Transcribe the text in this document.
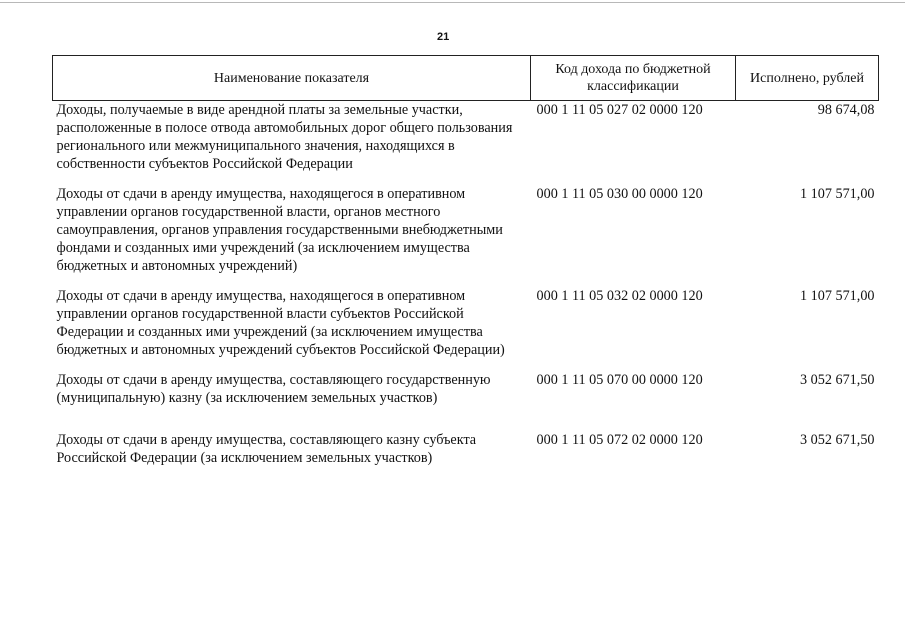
21
Наименование показателя	Код дохода по бюджетной классификации	Исполнено, рублей
Доходы, получаемые в виде арендной платы за земельные участки, расположенные в полосе отвода автомобильных дорог общего пользования регионального или межмуниципального значения, находящихся в собственности субъектов Российской Федерации	000 1 11 05 027 02 0000 120	98 674,08
Доходы от сдачи в аренду имущества, находящегося в оперативном управлении органов государственной власти, органов местного самоуправления, органов управления государственными внебюджетными фондами и созданных ими учреждений (за исключением имущества бюджетных и автономных учреждений)	000 1 11 05 030 00 0000 120	1 107 571,00
Доходы от сдачи в аренду имущества, находящегося в оперативном управлении органов государственной власти субъектов Российской Федерации и созданных ими учреждений (за исключением имущества бюджетных и автономных учреждений субъектов Российской Федерации)	000 1 11 05 032 02 0000 120	1 107 571,00
Доходы от сдачи в аренду имущества, составляющего государственную (муниципальную) казну (за исключением земельных участков)	000 1 11 05 070 00 0000 120	3 052 671,50
Доходы от сдачи в аренду имущества, составляющего казну субъекта Российской Федерации (за исключением земельных участков)	000 1 11 05 072 02 0000 120	3 052 671,50
